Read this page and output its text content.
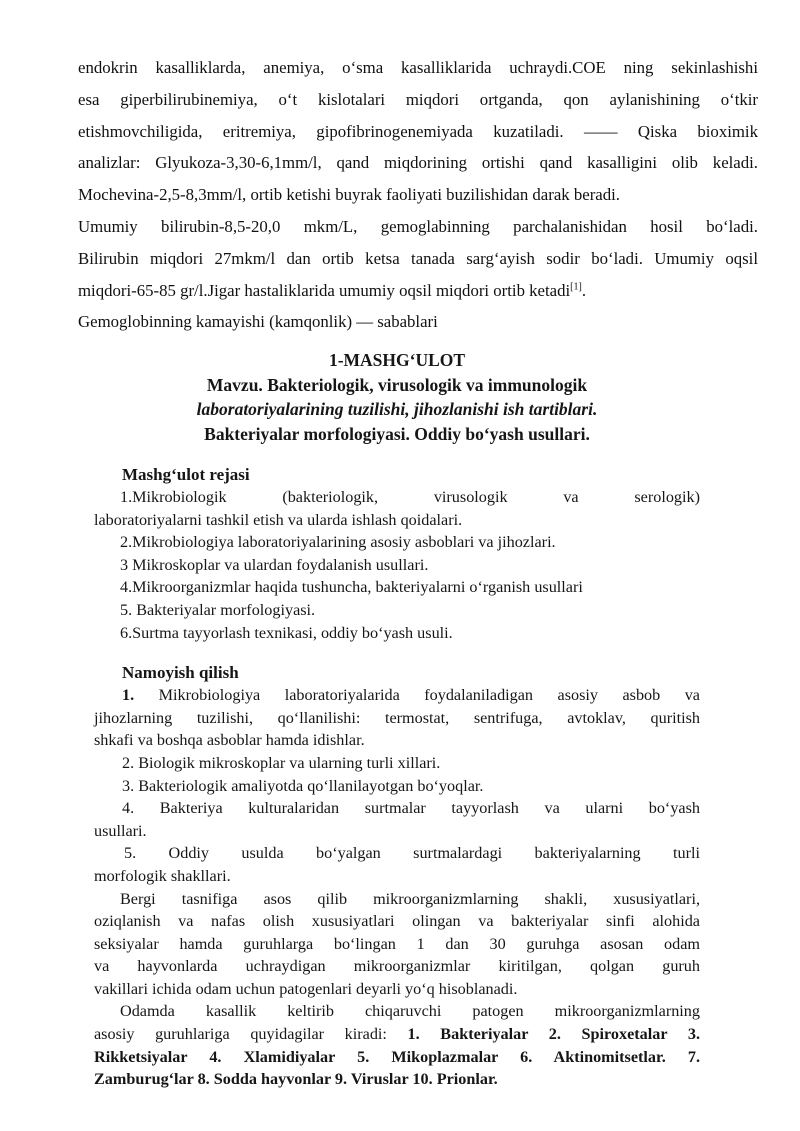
endokrin kasalliklarda, anemiya, o‘sma kasalliklarida uchraydi.COE ning sekinlashishi
esa giperbilirubinemiya, o‘t kislotalari miqdori ortganda, qon aylanishining o‘tkir
etishmovchiligida, eritremiya, gipofibrinogenemiyada kuzatiladi. —— Qiska bioximik
analizlar: Glyukoza-3,30-6,1mm/l, qand miqdorining ortishi qand kasalligini olib keladi.
Mochevina-2,5-8,3mm/l, ortib ketishi buyrak faoliyati buzilishidan darak beradi.
Umumiy bilirubin-8,5-20,0 mkm/L, gemoglabinning parchalanishidan hosil bo‘ladi.
Bilirubin miqdori 27mkm/l dan ortib ketsa tanada sarg‘ayish sodir bo‘ladi. Umumiy oqsil
miqdori-65-85 gr/l.Jigar hastaliklarida umumiy oqsil miqdori ortib ketadi[1].
Gemoglobinning kamayishi (kamqonlik) — sabablari

1-MASHG‘ULOT

Mavzu. Bakteriologik, virusologik va immunologik

laboratoriyalarining tuzilishi, jihozlanishi ish tartiblari.

Bakteriyalar morfologiyasi. Oddiy bo‘yash usullari.

Mashg‘ulot rejasi
1.Mikrobiologik (bakteriologik, virusologik va serologik)
laboratoriyalarni tashkil etish va ularda ishlash qoidalari.
2.Mikrobiologiya laboratoriyalarining asosiy asboblari va jihozlari.
3 Mikroskoplar va ulardan foydalanish usullari.
4.Mikroorganizmlar haqida tushuncha, bakteriyalarni o‘rganish usullari
5. Bakteriyalar morfologiyasi.
6.Surtma tayyorlash texnikasi, oddiy bo‘yash usuli.
Namoyish qilish
1. Mikrobiologiya laboratoriyalarida foydalaniladigan asosiy asbob va
jihozlarning tuzilishi, qo‘llanilishi: termostat, sentrifuga, avtoklav, quritish
shkafi va boshqa asboblar hamda idishlar.
2. Biologik mikroskoplar va ularning turli xillari.
3. Bakteriologik amaliyotda qo‘llanilayotgan bo‘yoqlar.
4. Bakteriya kulturalaridan surtmalar tayyorlash va ularni bo‘yash
usullari.
5. Oddiy usulda bo‘yalgan surtmalardagi bakteriyalarning turli
morfologik shakllari.
Bergi tasnifiga asos qilib mikroorganizmlarning shakli, xususiyatlari,
oziqlanish va nafas olish xususiyatlari olingan va bakteriyalar sinfi alohida
seksiyalar hamda guruhlarga bo‘lingan 1 dan 30 guruhga asosan odam
va hayvonlarda uchraydigan mikroorganizmlar kiritilgan, qolgan guruh
vakillari ichida odam uchun patogenlari deyarli yo‘q hisoblanadi.
Odamda kasallik keltirib chiqaruvchi patogen mikroorganizmlarning
asosiy guruhlariga quyidagilar kiradi: 1. Bakteriyalar 2. Spiroxetalar 3.
Rikketsiyalar 4. Xlamidiyalar 5. Mikoplazmalar 6. Aktinomitsetlar. 7.
Zamburug‘lar 8. Sodda hayvonlar 9. Viruslar 10. Prionlar.
